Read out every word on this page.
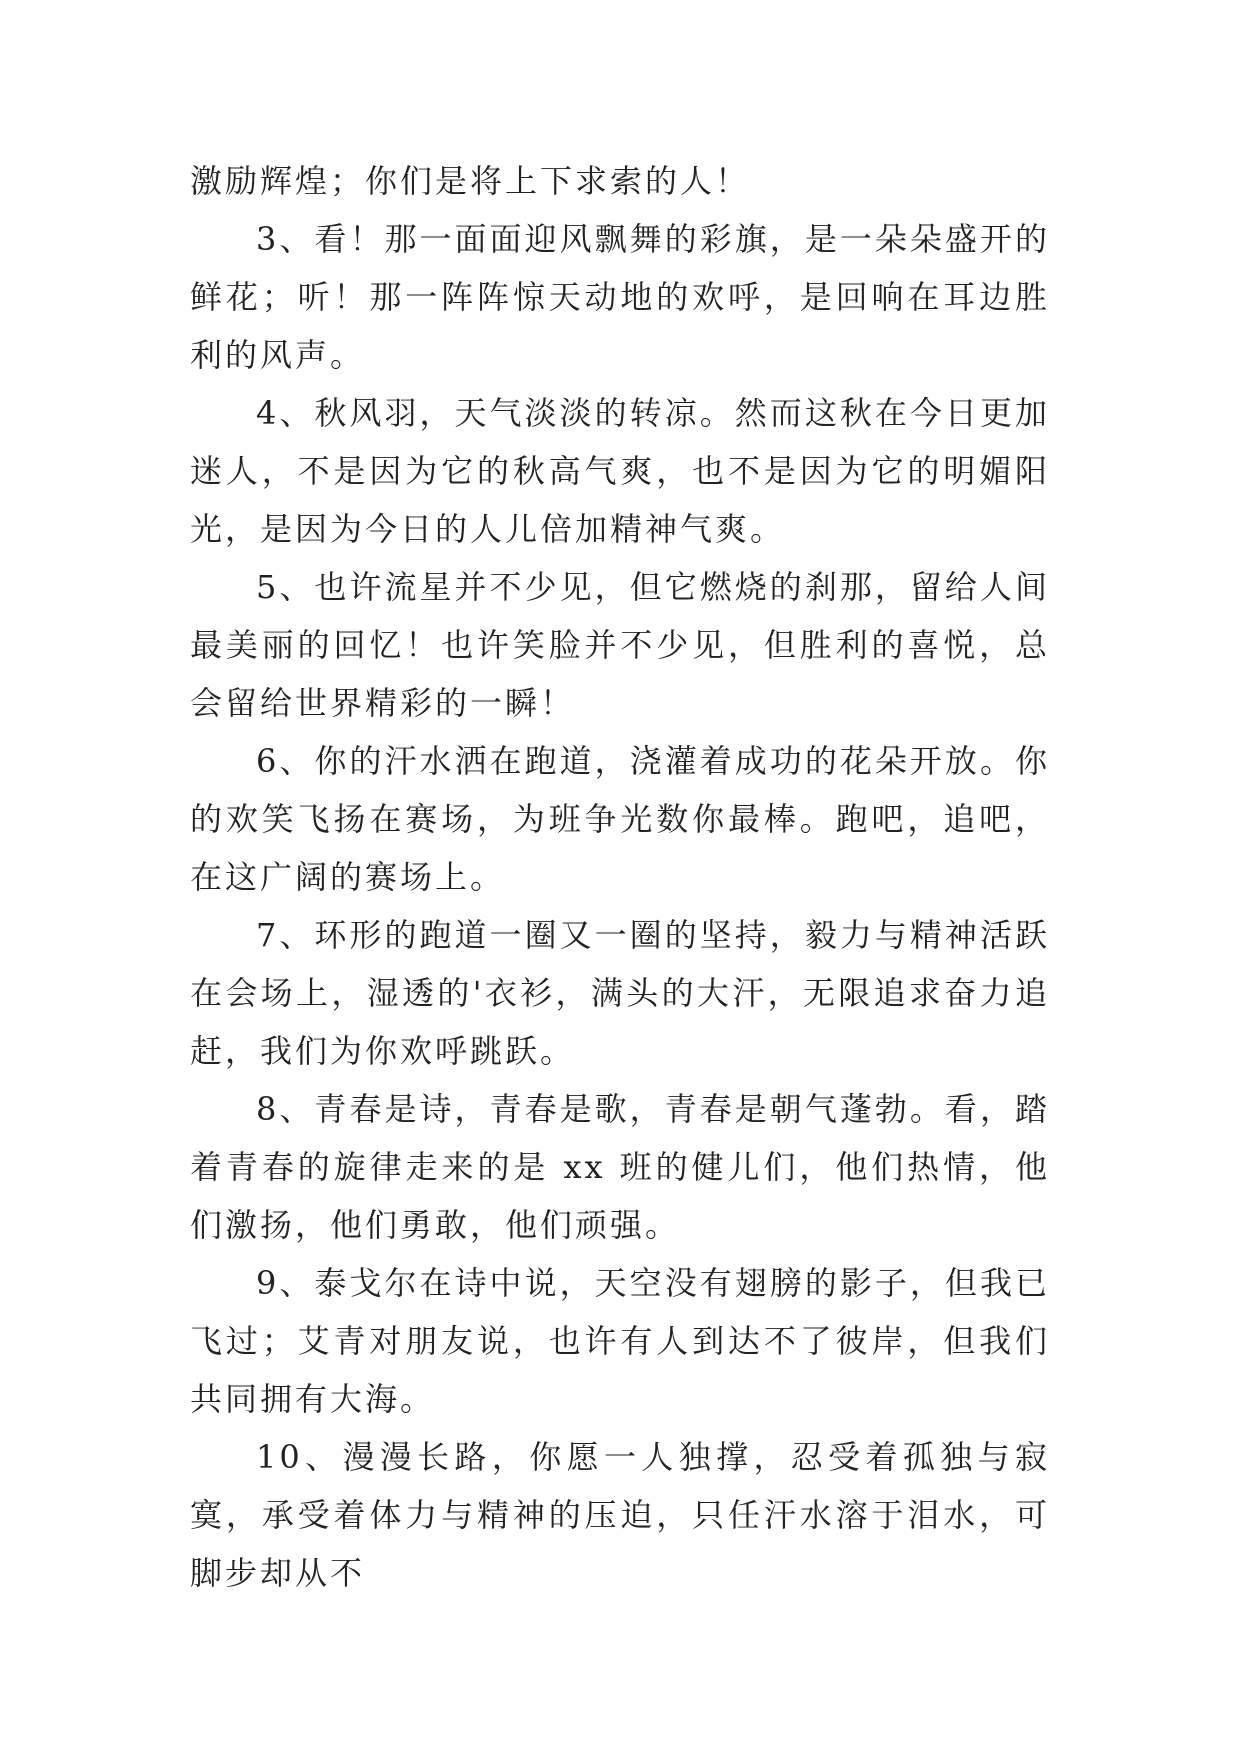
激励辉煌；你们是将上下求索的人！

3、看！那一面面迎风飘舞的彩旗，是一朵朵盛开的鲜花；听！那一阵阵惊天动地的欢呼，是回响在耳边胜利的风声。

4、秋风羽，天气淡淡的转凉。然而这秋在今日更加迷人，不是因为它的秋高气爽，也不是因为它的明媚阳光，是因为今日的人儿倍加精神气爽。

5、也许流星并不少见，但它燃烧的刹那，留给人间最美丽的回忆！也许笑脸并不少见，但胜利的喜悦，总会留给世界精彩的一瞬！

6、你的汗水洒在跑道，浇灌着成功的花朵开放。你的欢笑飞扬在赛场，为班争光数你最棒。跑吧，追吧，在这广阔的赛场上。

7、环形的跑道一圈又一圈的坚持，毅力与精神活跃在会场上，湿透的'衣衫，满头的大汗，无限追求奋力追赶，我们为你欢呼跳跃。

8、青春是诗，青春是歌，青春是朝气蓬勃。看，踏着青春的旋律走来的是 xx 班的健儿们，他们热情，他们激扬，他们勇敢，他们顽强。

9、泰戈尔在诗中说，天空没有翅膀的影子，但我已飞过；艾青对朋友说，也许有人到达不了彼岸，但我们共同拥有大海。

10、漫漫长路，你愿一人独撑，忍受着孤独与寂寞，承受着体力与精神的压迫，只任汗水溶于泪水，可脚步却从不
